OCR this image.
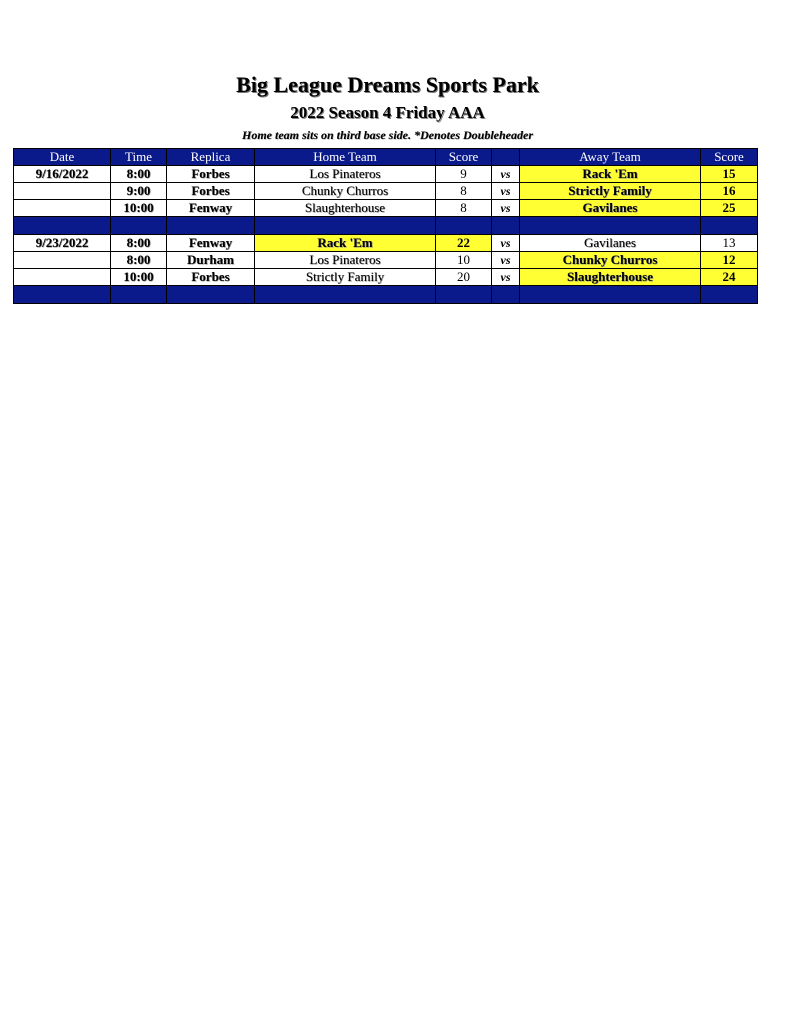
Big League Dreams Sports Park
2022 Season 4 Friday AAA
Home team sits on third base side. *Denotes Doubleheader
Date	Time	Replica	Home Team	Score		Away Team	Score
9/16/2022	8:00	Forbes	Los Pinateros	9	vs	Rack 'Em	15
	9:00	Forbes	Chunky Churros	8	vs	Strictly Family	16
	10:00	Fenway	Slaughterhouse	8	vs	Gavilanes	25

9/23/2022	8:00	Fenway	Rack 'Em	22	vs	Gavilanes	13
	8:00	Durham	Los Pinateros	10	vs	Chunky Churros	12
	10:00	Forbes	Strictly Family	20	vs	Slaughterhouse	24
